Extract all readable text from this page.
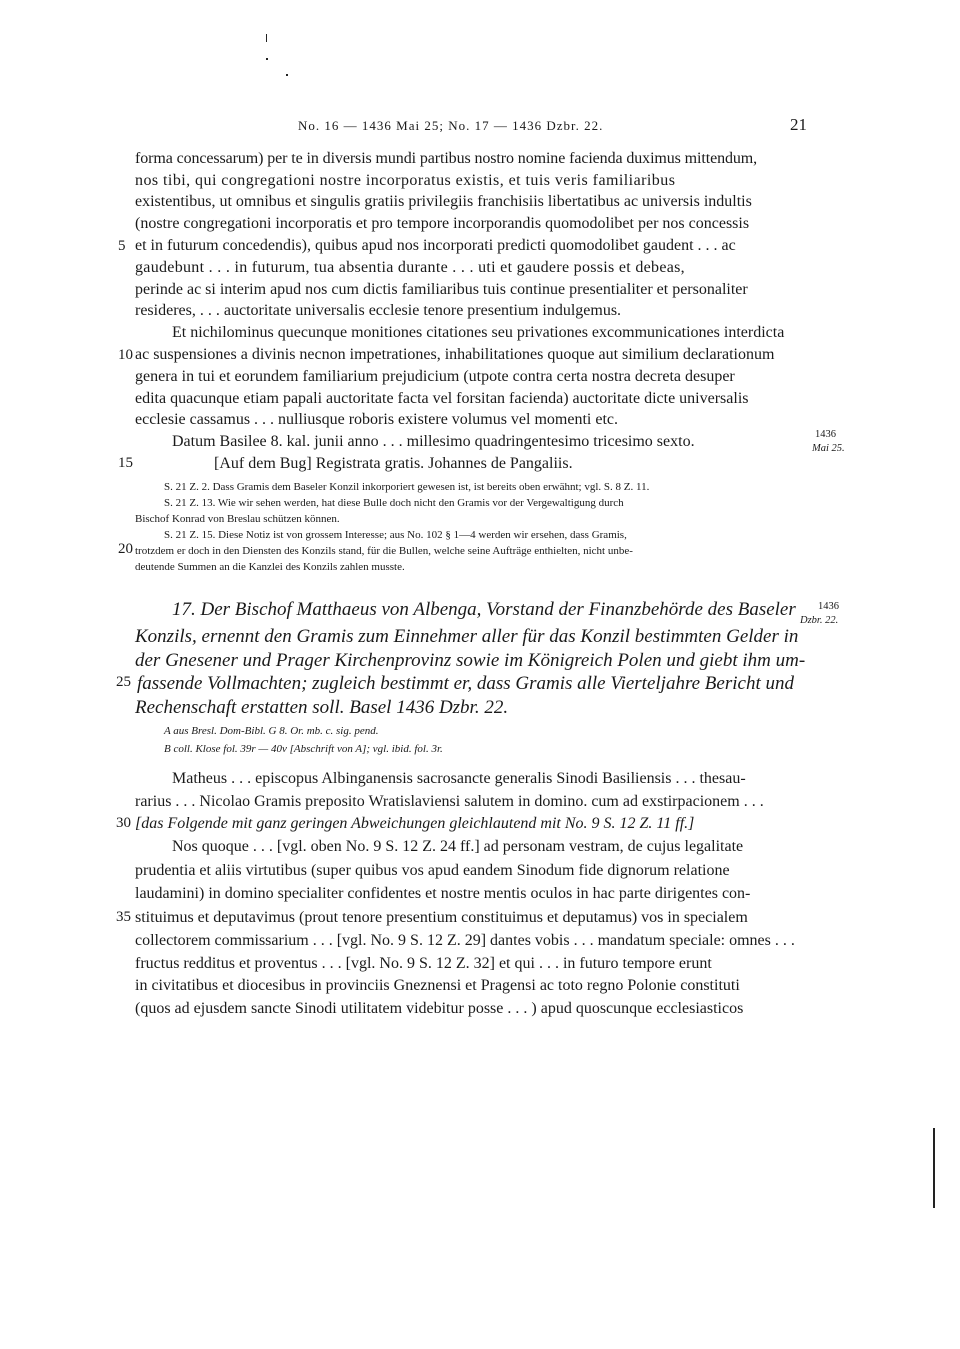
No. 16 — 1436 Mai 25; No. 17 — 1436 Dzbr. 22.	21
forma concessarum) per te in diversis mundi partibus nostro nomine facienda duximus mittendum,
nos tibi, qui congregationi nostre incorporatus existis, et tuis veris familiaribus
existentibus, ut omnibus et singulis gratiis privilegiis franchisiis libertatibus ac universis indultis
(nostre congregationi incorporatis et pro tempore incorporandis quomodolibet per nos concessis
et in futurum concedendis), quibus apud nos incorporati predicti quomodolibet gaudent . . . ac
gaudebunt . . . in futurum, tua absentia durante . . . uti et gaudere possis et debeas,
perinde ac si interim apud nos cum dictis familiaribus tuis continue presentialiter et personaliter
resideres, . . . auctoritate universalis ecclesie tenore presentium indulgemus.
Et nichilominus quecunque monitiones citationes seu privationes excommunicationes interdicta
ac suspensiones a divinis necnon impetrationes, inhabilitationes quoque aut similium declarationum
genera in tui et eorundem familiarium prejudicium (utpote contra certa nostra decreta desuper
edita quacunque etiam papali auctoritate facta vel forsitan facienda) auctoritate dicte universalis
ecclesie cassamus . . . nulliusque roboris existere volumus vel momenti etc.
Datum Basilee 8. kal. junii anno . . . millesimo quadringentesimo tricesimo sexto.
[Auf dem Bug] Registrata gratis. Johannes de Pangaliis.
5
10
15
1436
Mai 25.
S. 21 Z. 2. Dass Gramis dem Baseler Konzil inkorporiert gewesen ist, ist bereits oben erwähnt; vgl. S. 8 Z. 11.
S. 21 Z. 13. Wie wir sehen werden, hat diese Bulle doch nicht den Gramis vor der Vergewaltigung durch
Bischof Konrad von Breslau schützen können.
S. 21 Z. 15. Diese Notiz ist von grossem Interesse; aus No. 102 § 1—4 werden wir ersehen, dass Gramis,
trotzdem er doch in den Diensten des Konzils stand, für die Bullen, welche seine Aufträge enthielten, nicht unbe-
deutende Summen an die Kanzlei des Konzils zahlen musste.
20
17. Der Bischof Matthaeus von Albenga, Vorstand der Finanzbehörde des Baseler
Konzils, ernennt den Gramis zum Einnehmer aller für das Konzil bestimmten Gelder in
der Gnesener und Prager Kirchenprovinz sowie im Königreich Polen und giebt ihm um-
fassende Vollmachten; zugleich bestimmt er, dass Gramis alle Vierteljahre Bericht und
Rechenschaft erstatten soll. Basel 1436 Dzbr. 22.
25
1436
Dzbr. 22.
A aus Bresl. Dom-Bibl. G 8. Or. mb. c. sig. pend.
B coll. Klose fol. 39r — 40v [Abschrift von A]; vgl. ibid. fol. 3r.
Matheus . . . episcopus Albinganensis sacrosancte generalis Sinodi Basiliensis . . . thesau-
rarius . . . Nicolao Gramis preposito Wratislaviensi salutem in domino. cum ad exstirpacionem . . .
[das Folgende mit ganz geringen Abweichungen gleichlautend mit No. 9 S. 12 Z. 11 ff.]
Nos quoque . . . [vgl. oben No. 9 S. 12 Z. 24 ff.] ad personam vestram, de cujus legalitate
prudentia et aliis virtutibus (super quibus vos apud eandem Sinodum fide dignorum relatione
laudamini) in domino specialiter confidentes et nostre mentis oculos in hac parte dirigentes con-
stituimus et deputavimus (prout tenore presentium constituimus et deputamus) vos in specialem
collectorem commissarium . . . [vgl. No. 9 S. 12 Z. 29] dantes vobis . . . mandatum speciale: omnes . . .
fructus redditus et proventus . . . [vgl. No. 9 S. 12 Z. 32] et qui . . . in futuro tempore erunt
in civitatibus et diocesibus in provinciis Gneznensi et Pragensi ac toto regno Polonie constituti
(quos ad ejusdem sancte Sinodi utilitatem videbitur posse . . . ) apud quoscunque ecclesiasticos
30
35
